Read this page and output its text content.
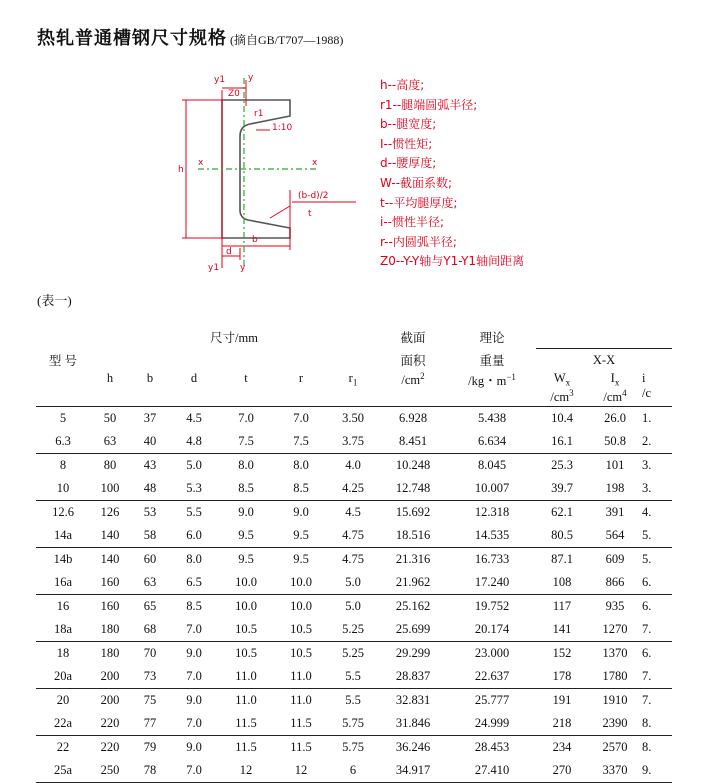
热轧普通槽钢尺寸规格 (摘自GB/T707—1988)
Z0
1:10
h
x	x
y
y1
y
y1
d
b
t
r1
(b-d)/2
h--高度;
r1--腿端圆弧半径;
b--腿宽度;
I--惯性矩;
d--腰厚度;
W--截面系数;
t--平均腿厚度;
i--惯性半径;
r--内圆弧半径;
Z0--Y-Y轴与Y1-Y1轴间距离
(表一)
	尺寸/mm						截面	理论			
型 号							面积	重量	X-X		
	h	b	d	t	r	$r_1$	$/cm^2$	/kg・$m^{-1}$	$W_x$
$/cm^3$	$I_x$
$/cm^4$	i
/c
5	50	37	4.5	7.0	7.0	3.50	6.928	5.438	10.4	26.0	1.
6.3	63	40	4.8	7.5	7.5	3.75	8.451	6.634	16.1	50.8	2.
8	80	43	5.0	8.0	8.0	4.0	10.248	8.045	25.3	101	3.
10	100	48	5.3	8.5	8.5	4.25	12.748	10.007	39.7	198	3.
12.6	126	53	5.5	9.0	9.0	4.5	15.692	12.318	62.1	391	4.
14a	140	58	6.0	9.5	9.5	4.75	18.516	14.535	80.5	564	5.
14b	140	60	8.0	9.5	9.5	4.75	21.316	16.733	87.1	609	5.
16a	160	63	6.5	10.0	10.0	5.0	21.962	17.240	108	866	6.
16	160	65	8.5	10.0	10.0	5.0	25.162	19.752	117	935	6.
18a	180	68	7.0	10.5	10.5	5.25	25.699	20.174	141	1270	7.
18	180	70	9.0	10.5	10.5	5.25	29.299	23.000	152	1370	6.
20a	200	73	7.0	11.0	11.0	5.5	28.837	22.637	178	1780	7.
20	200	75	9.0	11.0	11.0	5.5	32.831	25.777	191	1910	7.
22a	220	77	7.0	11.5	11.5	5.75	31.846	24.999	218	2390	8.
22	220	79	9.0	11.5	11.5	5.75	36.246	28.453	234	2570	8.
25a	250	78	7.0	12	12	6	34.917	27.410	270	3370	9.
